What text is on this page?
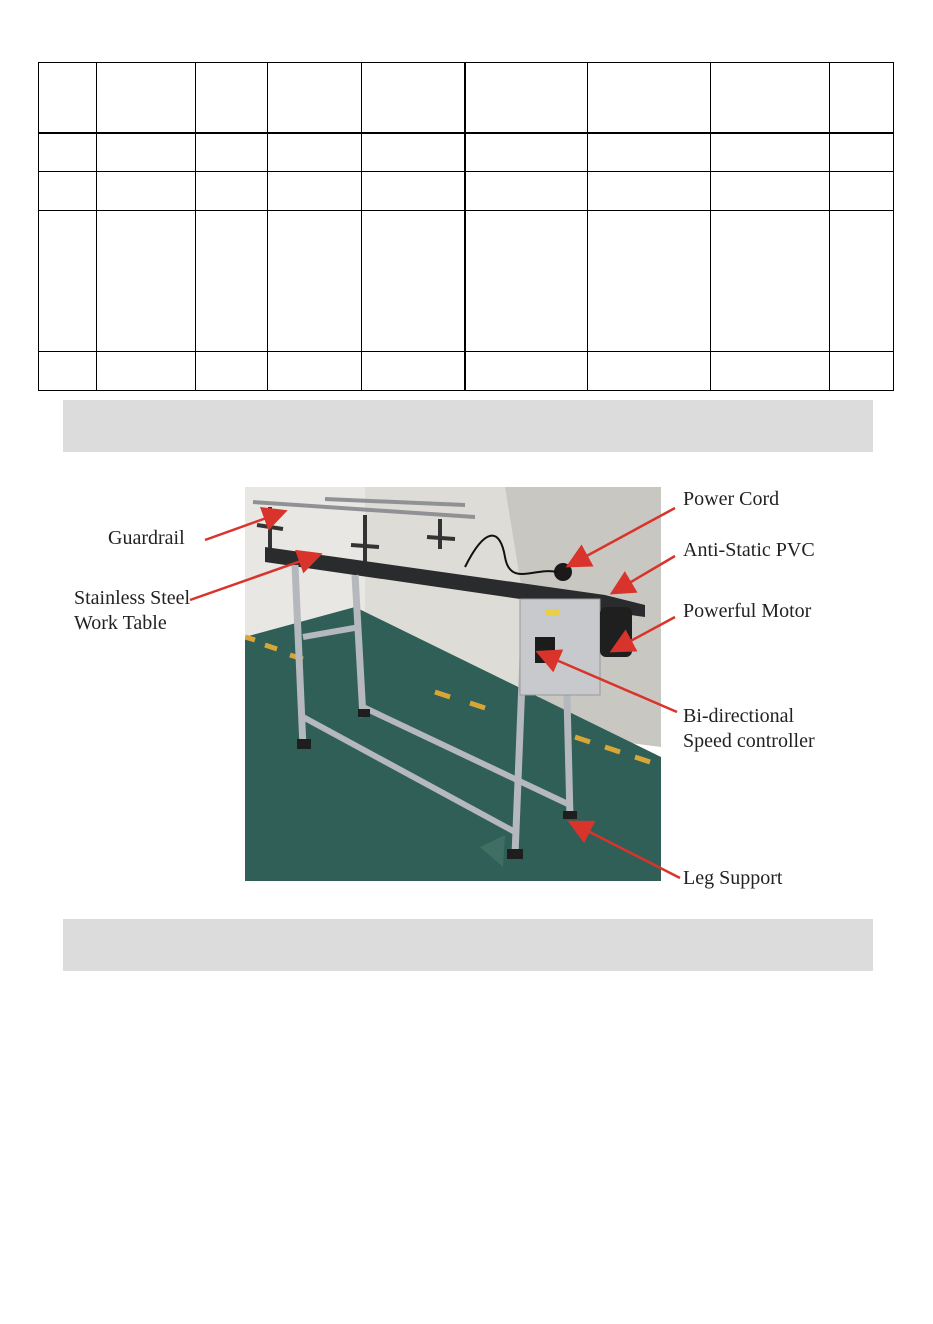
Guardrail
Stainless Steel
Work Table
Power Cord
Anti-Static PVC
Powerful Motor
Bi-directional
Speed controller
Leg Support
